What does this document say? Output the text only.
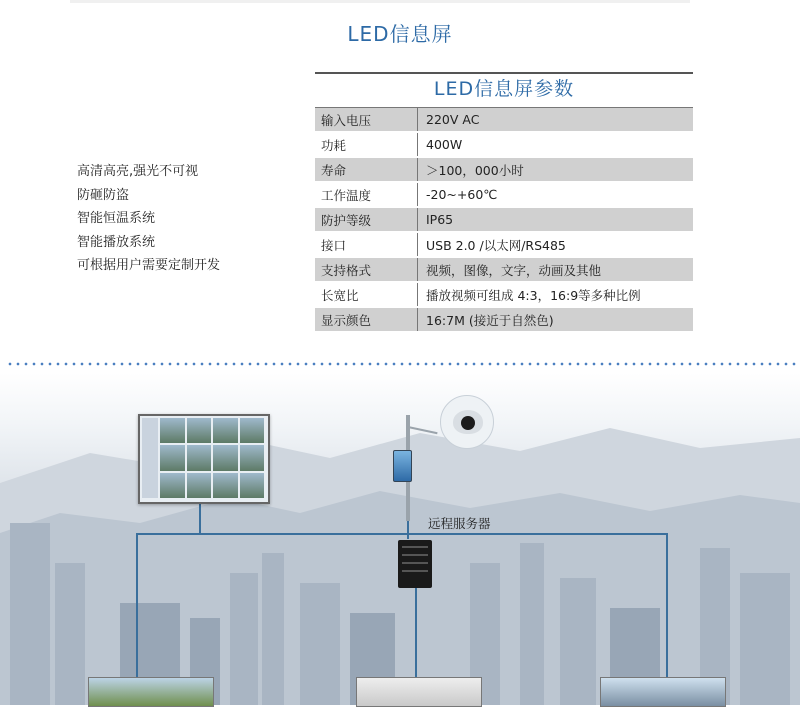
LED信息屏
高清高亮,强光不可视
防砸防盗
智能恒温系统
智能播放系统
可根据用户需要定制开发
LED信息屏参数
输入电压	220V AC
功耗	400W
寿命	＞100，000小时
工作温度	-20~+60℃
防护等级	IP65
接口	USB 2.0 /以太网/RS485
支持格式	视频，图像，文字，动画及其他
长宽比	播放视频可组成 4:3，16:9等多种比例
显示颜色	16:7M (接近于自然色)
远程服务器
